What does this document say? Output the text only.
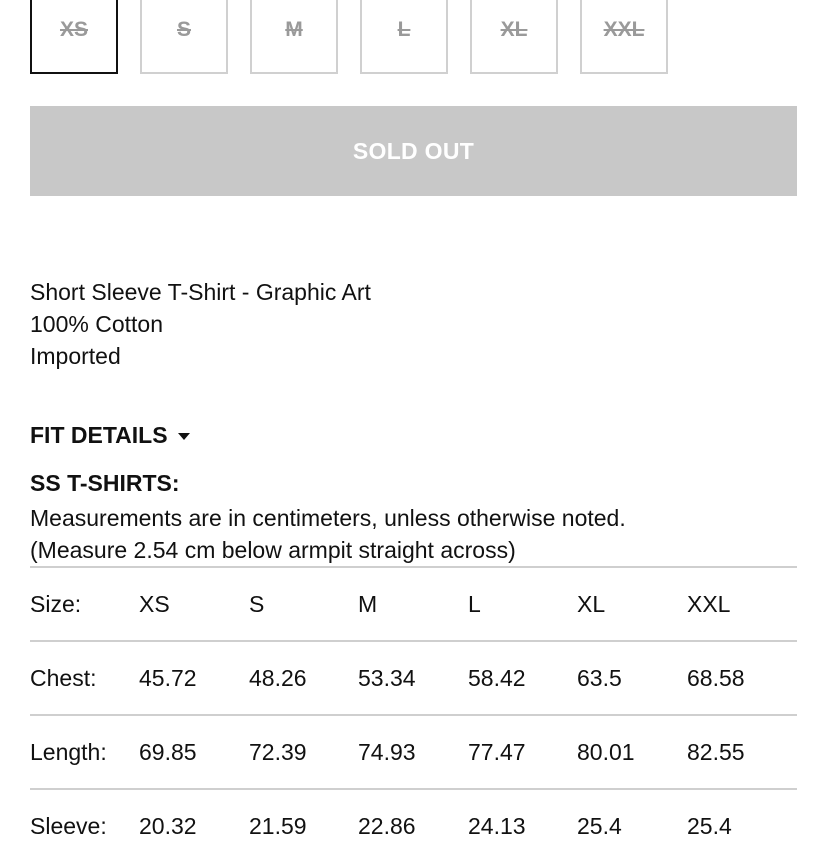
XS	S	M	L	XL	XXL
SOLD OUT
Short Sleeve T-Shirt - Graphic Art
100% Cotton
Imported
FIT DETAILS
SS T-SHIRTS:
Measurements are in centimeters, unless otherwise noted.
(Measure 2.54 cm below armpit straight across)
Size:	XS	S	M	L	XL	XXL
Chest: 45.72 48.26 53.34 58.42 63.5	68.58
Length: 69.85 72.39 74.93 77.47 80.01 82.55
Sleeve: 20.32 21.59 22.86 24.13 25.4	25.4
